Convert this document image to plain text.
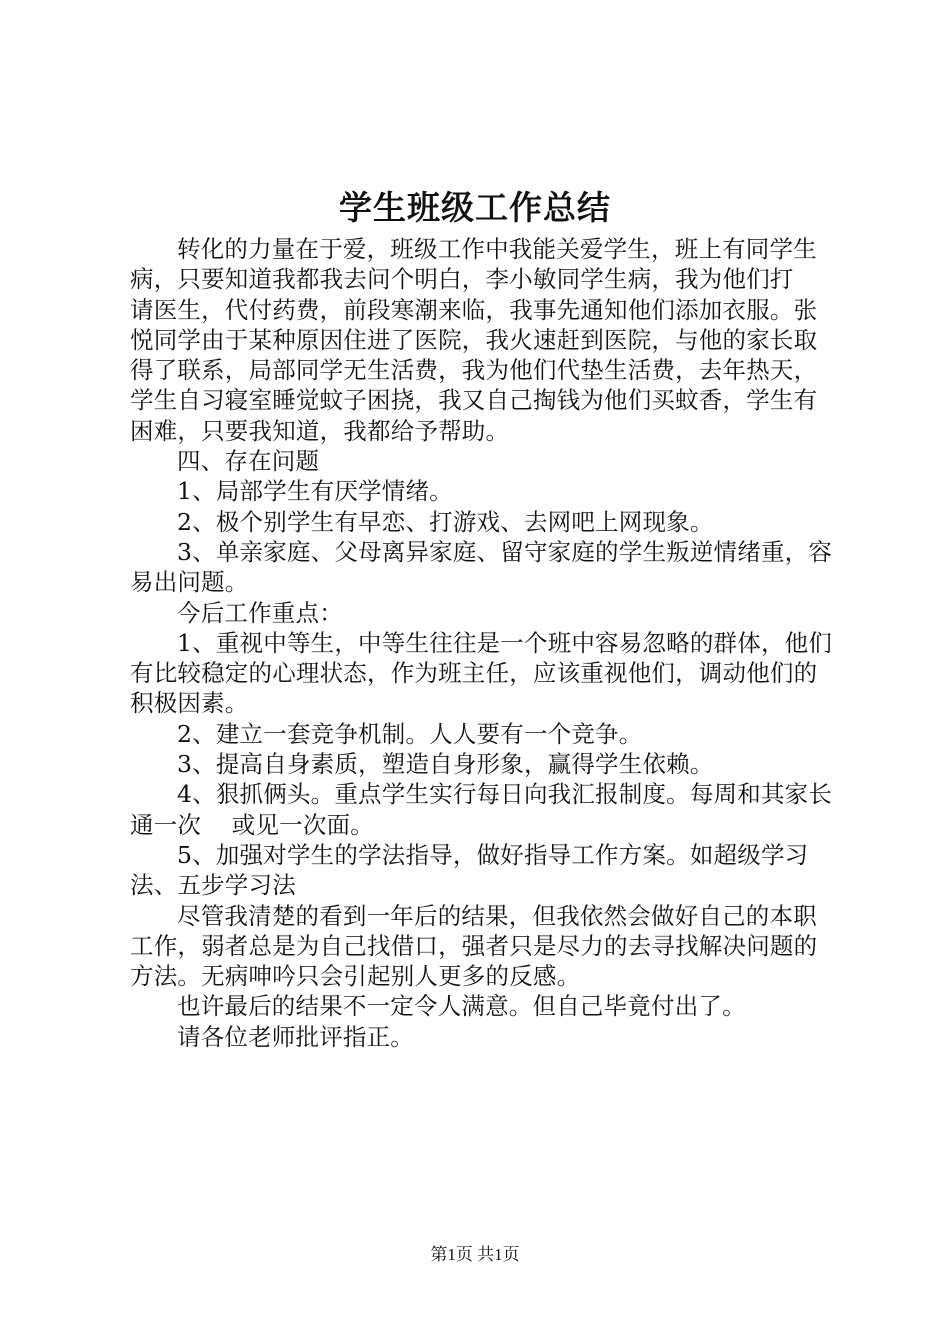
学生班级工作总结

转化的力量在于爱，班级工作中我能关爱学生，班上有同学生病，只要知道我都我去问个明白，李小敏同学生病，我为他们打    请医生，代付药费，前段寒潮来临，我事先通知他们添加衣服。张悦同学由于某种原因住进了医院，我火速赶到医院，与他的家长取得了联系，局部同学无生活费，我为他们代垫生活费，去年热天，学生自习寝室睡觉蚊子困挠，我又自己掏钱为他们买蚊香，学生有困难，只要我知道，我都给予帮助。

四、存在问题

1、局部学生有厌学情绪。

2、极个别学生有早恋、打游戏、去网吧上网现象。

3、单亲家庭、父母离异家庭、留守家庭的学生叛逆情绪重，容易出问题。

今后工作重点：

1、重视中等生，中等生往往是一个班中容易忽略的群体，他们有比较稳定的心理状态，作为班主任，应该重视他们，调动他们的积极因素。

2、建立一套竞争机制。人人要有一个竞争。

3、提高自身素质，塑造自身形象，赢得学生依赖。

4、狠抓俩头。重点学生实行每日向我汇报制度。每周和其家长通一次    或见一次面。

5、加强对学生的学法指导，做好指导工作方案。如超级学习法、五步学习法

尽管我清楚的看到一年后的结果，但我依然会做好自己的本职工作，弱者总是为自己找借口，强者只是尽力的去寻找解决问题的方法。无病呻吟只会引起别人更多的反感。

也许最后的结果不一定令人满意。但自己毕竟付出了。

请各位老师批评指正。

第1页 共1页
